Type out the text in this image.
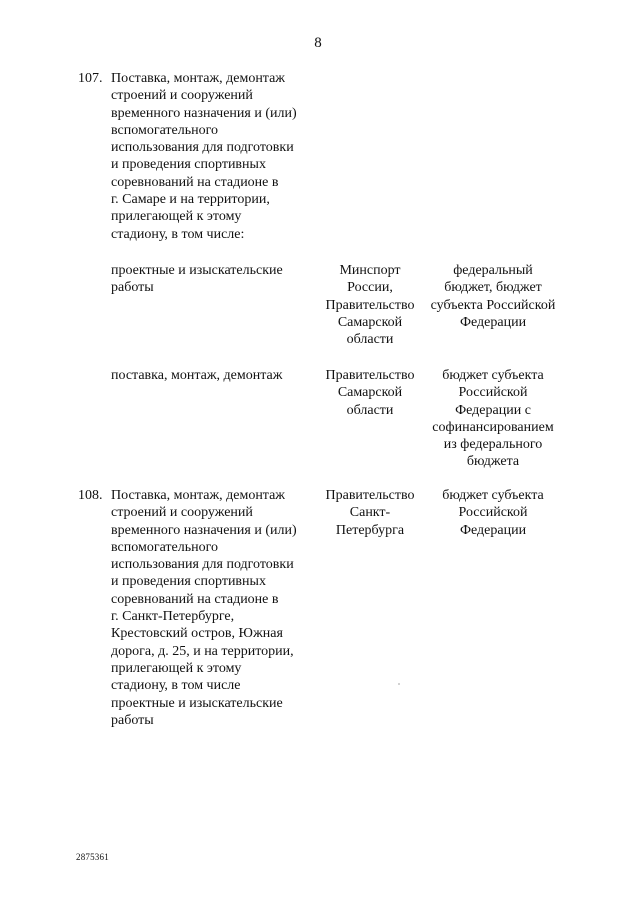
8
107. Поставка, монтаж, демонтаж
строений и сооружений
временного назначения и (или)
вспомогательного
использования для подготовки
и проведения спортивных
соревнований на стадионе в
г. Самаре и на территории,
прилегающей к этому
стадиону, в том числе:
проектные и изыскательские
работы
Минспорт
России,
Правительство
Самарской
области
федеральный
бюджет, бюджет
субъекта Российской
Федерации
поставка, монтаж, демонтаж	Правительство
Самарской
области
бюджет субъекта
Российской
Федерации с
софинансированием
из федерального
бюджета
108. Поставка, монтаж, демонтаж
строений и сооружений
временного назначения и (или)
вспомогательного
использования для подготовки
и проведения спортивных
соревнований на стадионе в
г. Санкт-Петербурге,
Крестовский остров, Южная
дорога, д. 25, и на территории,
прилегающей к этому
стадиону, в том числе
проектные и изыскательские
работы
Правительство
Санкт-
Петербурга
бюджет субъекта
Российской
Федерации
2875361
